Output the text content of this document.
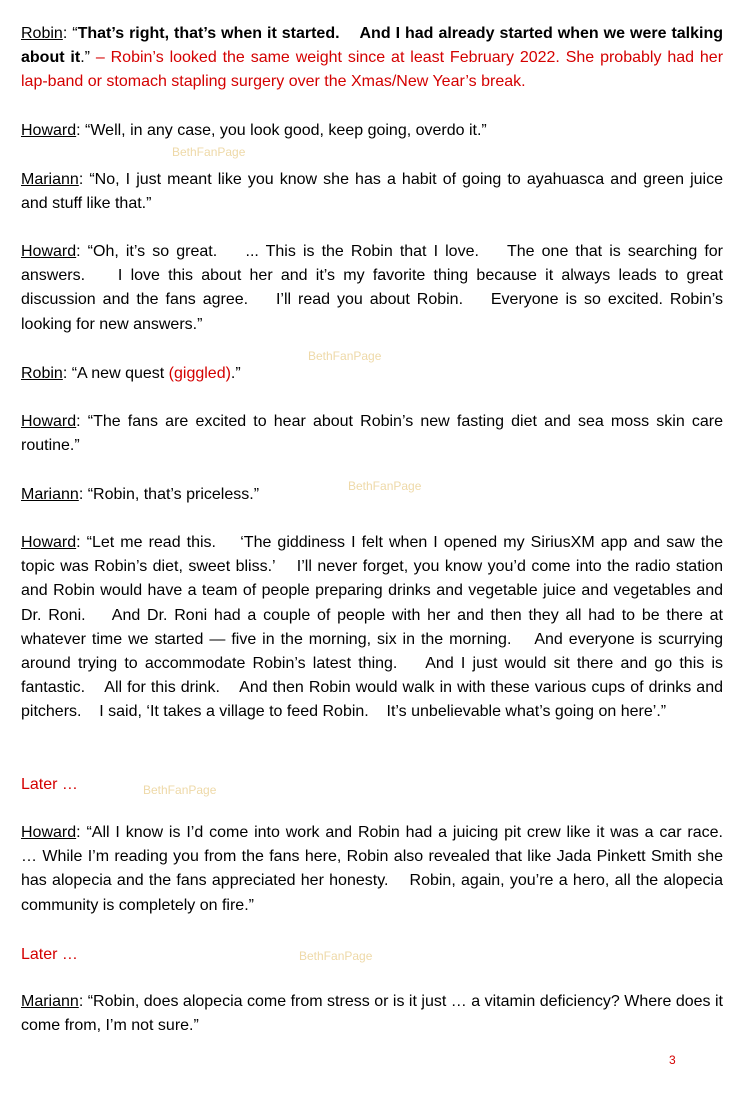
Robin: “That’s right, that’s when it started. And I had already started when we were talking about it.” – Robin’s looked the same weight since at least February 2022. She probably had her lap-band or stomach stapling surgery over the Xmas/New Year’s break.

Howard: “Well, in any case, you look good, keep going, overdo it.”

Mariann: “No, I just meant like you know she has a habit of going to ayahuasca and green juice and stuff like that.”

Howard: “Oh, it’s so great.    ... This is the Robin that I love.    The one that is searching for answers.    I love this about her and it’s my favorite thing because it always leads to great discussion and the fans agree.    I’ll read you about Robin.    Everyone is so excited. Robin’s looking for new answers.”

Robin: “A new quest (giggled).”

Howard: “The fans are excited to hear about Robin’s new fasting diet and sea moss skin care routine.”

Mariann: “Robin, that’s priceless.”

Howard: “Let me read this.    ‘The giddiness I felt when I opened my SiriusXM app and saw the topic was Robin’s diet, sweet bliss.’    I’ll never forget, you know you’d come into the radio station and Robin would have a team of people preparing drinks and vegetable juice and vegetables and Dr. Roni.    And Dr. Roni had a couple of people with her and then they all had to be there at whatever time we started — five in the morning, six in the morning.    And everyone is scurrying around trying to accommodate Robin’s latest thing.    And I just would sit there and go this is fantastic.    All for this drink.    And then Robin would walk in with these various cups of drinks and pitchers.    I said, ‘It takes a village to feed Robin.    It’s unbelievable what’s going on here’.”

Later …

Howard: “All I know is I’d come into work and Robin had a juicing pit crew like it was a car race.    … While I’m reading you from the fans here, Robin also revealed that like Jada Pinkett Smith she has alopecia and the fans appreciated her honesty.    Robin, again, you’re a hero, all the alopecia community is completely on fire.”

Later …

Mariann: “Robin, does alopecia come from stress or is it just … a vitamin deficiency? Where does it come from, I’m not sure.”

BethFanPage
BethFanPage
BethFanPage
BethFanPage
BethFanPage
3
